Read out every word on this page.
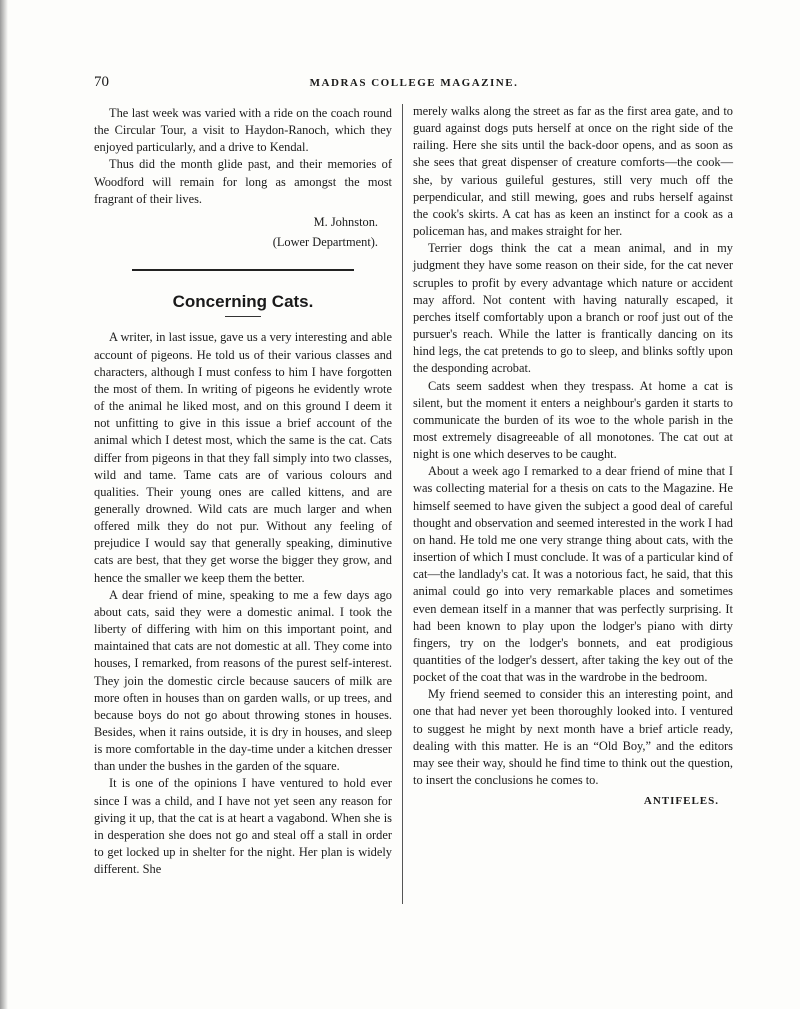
70	MADRAS COLLEGE MAGAZINE.

The last week was varied with a ride on the coach round the Circular Tour, a visit to Haydon-Ranoch, which they enjoyed particularly, and a drive to Kendal.

Thus did the month glide past, and their memories of Woodford will remain for long as amongst the most fragrant of their lives.

M. Johnston.

(Lower Department).

Concerning Cats.

A writer, in last issue, gave us a very interesting and able account of pigeons. He told us of their various classes and characters, although I must confess to him I have forgotten the most of them. In writing of pigeons he evidently wrote of the animal he liked most, and on this ground I deem it not unfitting to give in this issue a brief account of the animal which I detest most, which the same is the cat. Cats differ from pigeons in that they fall simply into two classes, wild and tame. Tame cats are of various colours and qualities. Their young ones are called kittens, and are generally drowned. Wild cats are much larger and when offered milk they do not pur. Without any feeling of prejudice I would say that generally speaking, diminutive cats are best, that they get worse the bigger they grow, and hence the smaller we keep them the better.

A dear friend of mine, speaking to me a few days ago about cats, said they were a domestic animal. I took the liberty of differing with him on this important point, and maintained that cats are not domestic at all. They come into houses, I remarked, from reasons of the purest self-interest. They join the domestic circle because saucers of milk are more often in houses than on garden walls, or up trees, and because boys do not go about throwing stones in houses. Besides, when it rains outside, it is dry in houses, and sleep is more comfortable in the day-time under a kitchen dresser than under the bushes in the garden of the square.

It is one of the opinions I have ventured to hold ever since I was a child, and I have not yet seen any reason for giving it up, that the cat is at heart a vagabond. When she is in desperation she does not go and steal off a stall in order to get locked up in shelter for the night. Her plan is widely different. She

merely walks along the street as far as the first area gate, and to guard against dogs puts herself at once on the right side of the railing. Here she sits until the back-door opens, and as soon as she sees that great dispenser of creature comforts—the cook—she, by various guileful gestures, still very much off the perpendicular, and still mewing, goes and rubs herself against the cook's skirts. A cat has as keen an instinct for a cook as a policeman has, and makes straight for her.

Terrier dogs think the cat a mean animal, and in my judgment they have some reason on their side, for the cat never scruples to profit by every advantage which nature or accident may afford. Not content with having naturally escaped, it perches itself comfortably upon a branch or roof just out of the pursuer's reach. While the latter is frantically dancing on its hind legs, the cat pretends to go to sleep, and blinks softly upon the desponding acrobat.

Cats seem saddest when they trespass. At home a cat is silent, but the moment it enters a neighbour's garden it starts to communicate the burden of its woe to the whole parish in the most extremely disagreeable of all monotones. The cat out at night is one which deserves to be caught.

About a week ago I remarked to a dear friend of mine that I was collecting material for a thesis on cats to the Magazine. He himself seemed to have given the subject a good deal of careful thought and observation and seemed interested in the work I had on hand. He told me one very strange thing about cats, with the insertion of which I must conclude. It was of a particular kind of cat—the landlady's cat. It was a notorious fact, he said, that this animal could go into very remarkable places and sometimes even demean itself in a manner that was perfectly surprising. It had been known to play upon the lodger's piano with dirty fingers, try on the lodger's bonnets, and eat prodigious quantities of the lodger's dessert, after taking the key out of the pocket of the coat that was in the wardrobe in the bedroom.

My friend seemed to consider this an interesting point, and one that had never yet been thoroughly looked into. I ventured to suggest he might by next month have a brief article ready, dealing with this matter. He is an “Old Boy,” and the editors may see their way, should he find time to think out the question, to insert the conclusions he comes to.

ANTIFELES.
